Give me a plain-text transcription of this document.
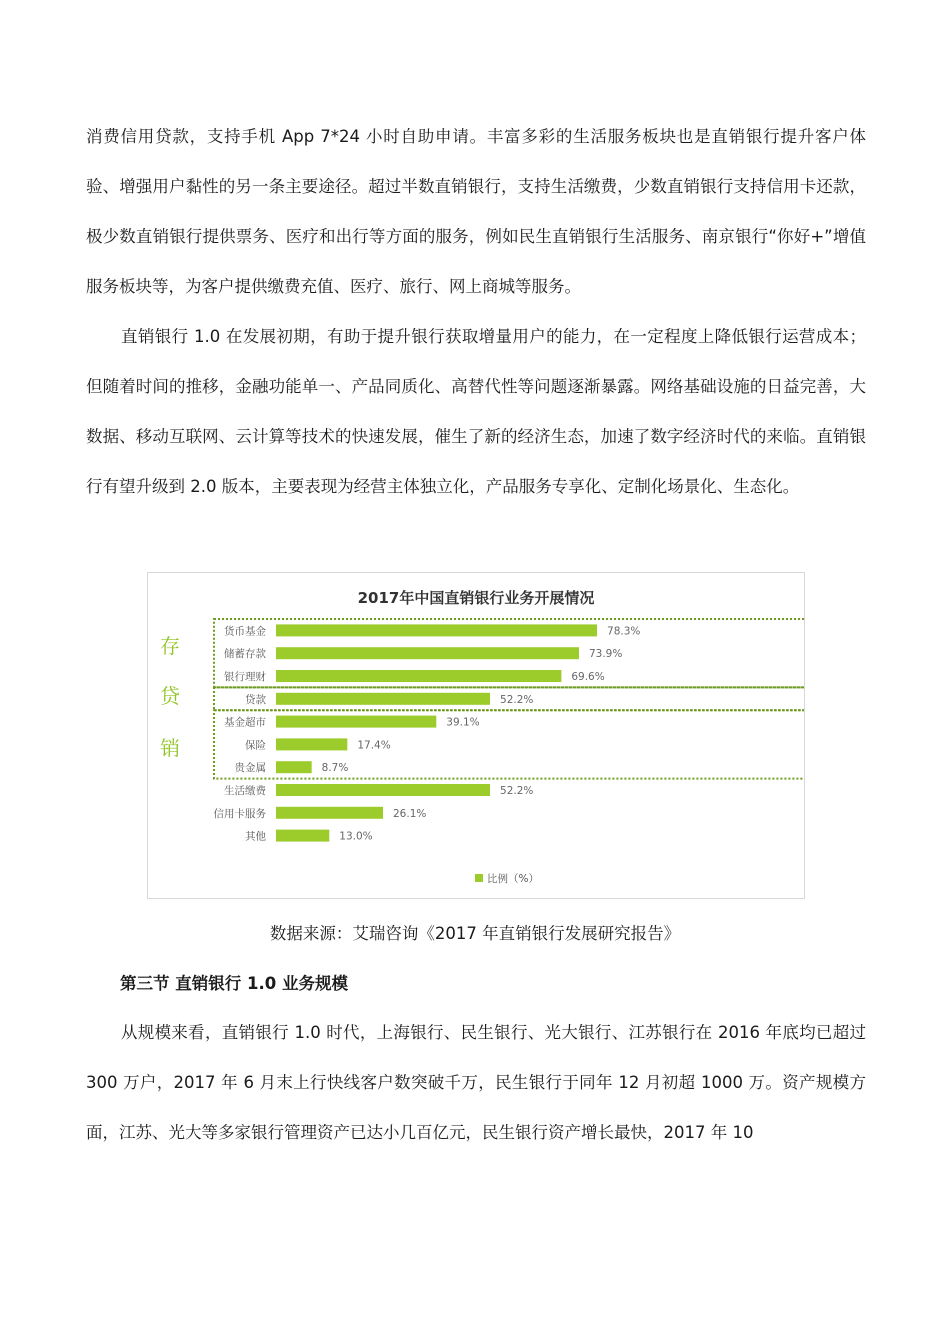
消费信用贷款，支持手机 App 7*24 小时自助申请。丰富多彩的生活服务板块也是直销银行提升客户体验、增强用户黏性的另一条主要途径。超过半数直销银行，支持生活缴费，少数直销银行支持信用卡还款，极少数直销银行提供票务、医疗和出行等方面的服务，例如民生直销银行生活服务、南京银行“你好+”增值服务板块等，为客户提供缴费充值、医疗、旅行、网上商城等服务。

直销银行 1.0 在发展初期，有助于提升银行获取增量用户的能力，在一定程度上降低银行运营成本；但随着时间的推移，金融功能单一、产品同质化、高替代性等问题逐渐暴露。网络基础设施的日益完善，大数据、移动互联网、云计算等技术的快速发展，催生了新的经济生态，加速了数字经济时代的来临。直销银行有望升级到 2.0 版本，主要表现为经营主体独立化，产品服务专享化、定制化场景化、生态化。

2017年中国直销银行业务开展情况
存
贷
销
货币基金	78.3%
储蓄存款	73.9%
银行理财	69.6%
贷款	52.2%
基金超市	39.1%
保险	17.4%
贵金属	8.7%
生活缴费	52.2%
信用卡服务	26.1%
其他	13.0%
比例（%）
数据来源：艾瑞咨询《2017 年直销银行发展研究报告》
第三节 直销银行 1.0 业务规模

从规模来看，直销银行 1.0 时代，上海银行、民生银行、光大银行、江苏银行在 2016 年底均已超过 300 万户，2017 年 6 月末上行快线客户数突破千万，民生银行于同年 12 月初超 1000 万。资产规模方面，江苏、光大等多家银行管理资产已达小几百亿元，民生银行资产增长最快，2017 年 10
